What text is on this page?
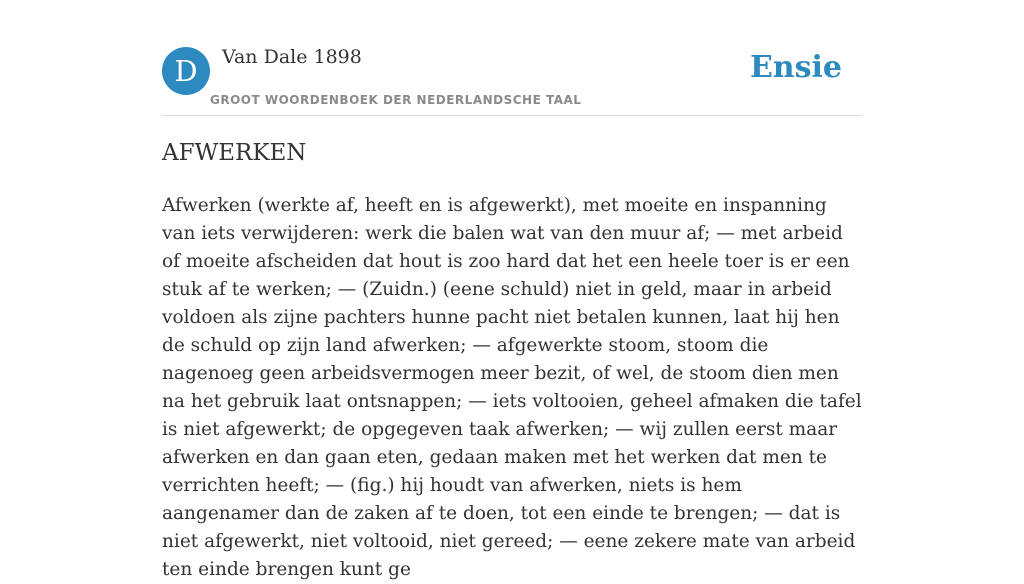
D	Van Dale 1898
GROOT WOORDENBOEK DER NEDERLANDSCHE TAAL
Ensie
AFWERKEN

Afwerken (werkte af, heeft en is afgewerkt), met moeite en inspanning van iets verwijderen: werk die balen wat van den muur af; — met arbeid of moeite afscheiden dat hout is zoo hard dat het een heele toer is er een stuk af te werken; — (Zuidn.) (eene schuld) niet in geld, maar in arbeid voldoen als zijne pachters hunne pacht niet betalen kunnen, laat hij hen de schuld op zijn land afwerken; — afgewerkte stoom, stoom die nagenoeg geen arbeidsvermogen meer bezit, of wel, de stoom dien men na het gebruik laat ontsnappen; — iets voltooien, geheel afmaken die tafel is niet afgewerkt; de opgegeven taak afwerken; — wij zullen eerst maar afwerken en dan gaan eten, gedaan maken met het werken dat men te verrichten heeft; — (fig.) hij houdt van afwerken, niets is hem aangenamer dan de zaken af te doen, tot een einde te brengen; — dat is niet afgewerkt, niet voltooid, niet gereed; — eene zekere mate van arbeid ten einde brengen kunt ge
